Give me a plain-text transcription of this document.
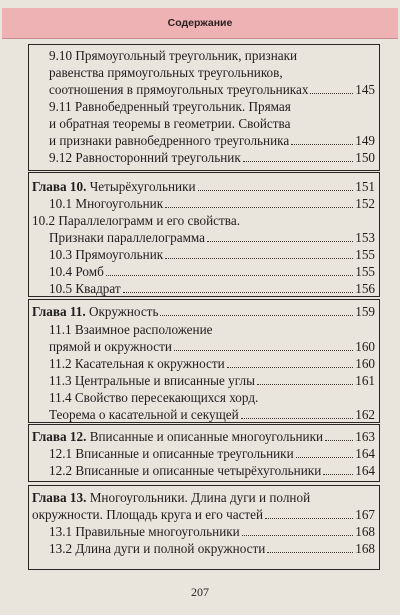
Содержание
9.10 Прямоугольный треугольник, признаки
равенства прямоугольных треугольников,
соотношения в прямоугольных треугольниках	145
9.11 Равнобедренный треугольник. Прямая
и обратная теоремы в геометрии. Свойства
и признаки равнобедренного треугольника	149
9.12 Равносторонний треугольник	150
Глава 10. Четырёхугольники	151
10.1 Многоугольник	152
10.2 Параллелограмм и его свойства.
Признаки параллелограмма	153
10.3 Прямоугольник	155
10.4 Ромб	155
10.5 Квадрат	156
Глава 11. Окружность	159
11.1 Взаимное расположение
прямой и окружности	160
11.2 Касательная к окружности	160
11.3 Центральные и вписанные углы	161
11.4 Свойство пересекающихся хорд.
Теорема о касательной и секущей	162
Глава 12. Вписанные и описанные многоугольники 163
12.1 Вписанные и описанные треугольники	164
12.2 Вписанные и описанные четырёхугольники	164
Глава 13. Многоугольники. Длина дуги и полной
окружности. Площадь круга и его частей	167
13.1 Правильные многоугольники	168
13.2 Длина дуги и полной окружности	168
207
